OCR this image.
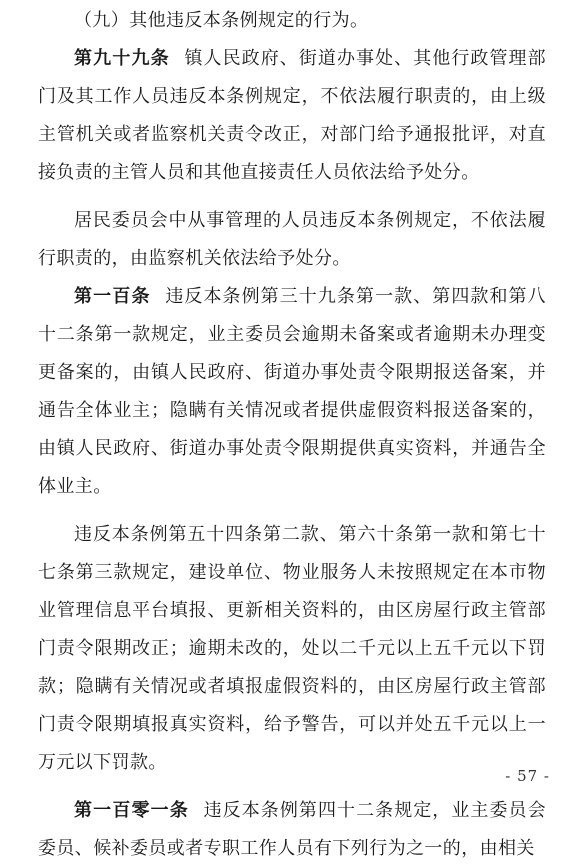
（九）其他违反本条例规定的行为。

第九十九条 镇人民政府、街道办事处、其他行政管理部门及其工作人员违反本条例规定，不依法履行职责的，由上级主管机关或者监察机关责令改正，对部门给予通报批评，对直接负责的主管人员和其他直接责任人员依法给予处分。

居民委员会中从事管理的人员违反本条例规定，不依法履行职责的，由监察机关依法给予处分。

第一百条 违反本条例第三十九条第一款、第四款和第八十二条第一款规定，业主委员会逾期未备案或者逾期未办理变更备案的，由镇人民政府、街道办事处责令限期报送备案，并通告全体业主；隐瞒有关情况或者提供虚假资料报送备案的，由镇人民政府、街道办事处责令限期提供真实资料，并通告全体业主。

违反本条例第五十四条第二款、第六十条第一款和第七十七条第三款规定，建设单位、物业服务人未按照规定在本市物业管理信息平台填报、更新相关资料的，由区房屋行政主管部门责令限期改正；逾期未改的，处以二千元以上五千元以下罚款；隐瞒有关情况或者填报虚假资料的，由区房屋行政主管部门责令限期填报真实资料，给予警告，可以并处五千元以上一万元以下罚款。

第一百零一条 违反本条例第四十二条规定，业主委员会委员、候补委员或者专职工作人员有下列行为之一的，由相关

- 57 -
